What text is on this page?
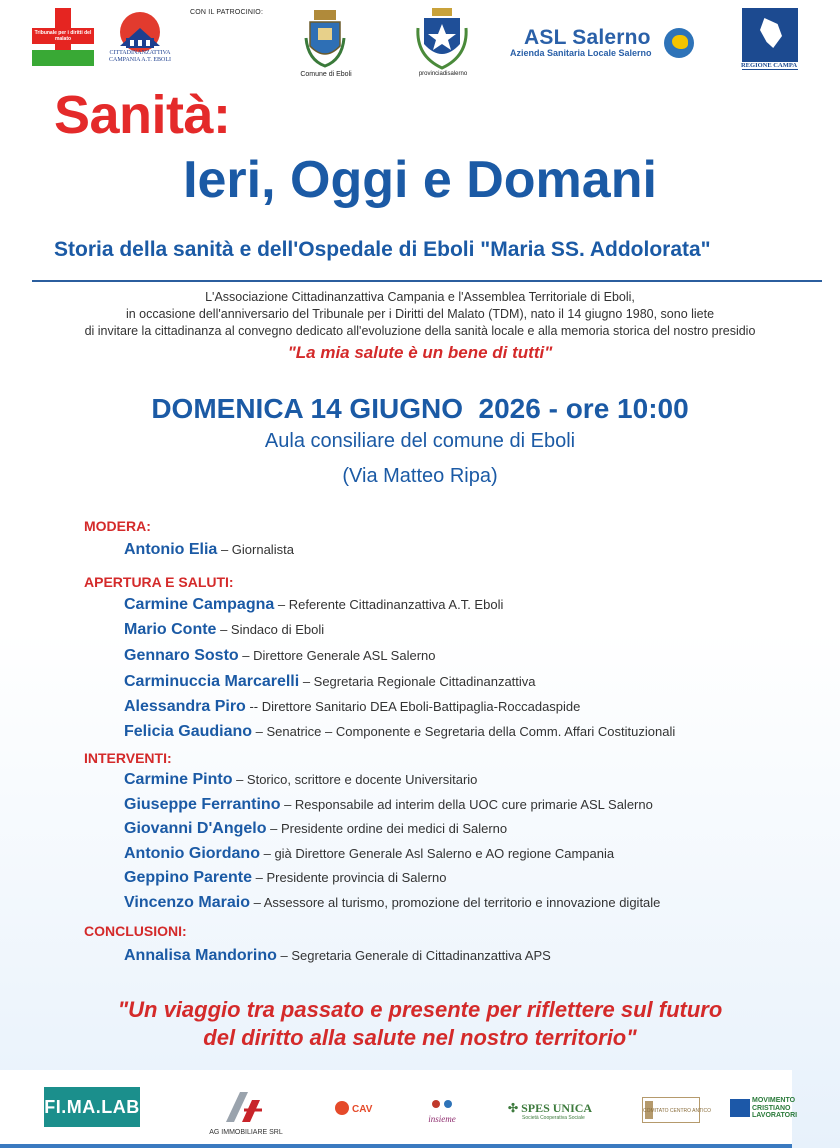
Tribunale per i diritti del malato
CITTADINANZATTIVA CAMPANIA A.T. EBOLI
CON IL PATROCINIO:
Comune di Eboli	provinciadisalerno
ASL Salerno
Azienda Sanitaria Locale Salerno
REGIONE CAMPA
Sanità:
Ieri, Oggi e Domani
Storia della sanità e dell'Ospedale di Eboli "Maria SS. Addolorata"
L'Associazione Cittadinanzattiva Campania e l'Assemblea Territoriale di Eboli,
in occasione dell'anniversario del Tribunale per i Diritti del Malato (TDM), nato il 14 giugno 1980, sono liete
di invitare la cittadinanza al convegno dedicato all'evoluzione della sanità locale e alla memoria storica del nostro presidio
"La mia salute è un bene di tutti"
DOMENICA 14 GIUGNO  2026 - ore 10:00
Aula consiliare del comune di Eboli
(Via Matteo Ripa)
MODERA:
Antonio Elia – Giornalista
APERTURA E SALUTI:
Carmine Campagna – Referente Cittadinanzattiva A.T. Eboli
Mario Conte – Sindaco di Eboli
Gennaro Sosto – Direttore Generale ASL Salerno
Carminuccia Marcarelli – Segretaria Regionale Cittadinanzattiva
Alessandra Piro -- Direttore Sanitario DEA Eboli-Battipaglia-Roccadaspide
Felicia Gaudiano – Senatrice – Componente e Segretaria della Comm. Affari Costituzionali
INTERVENTI:
Carmine Pinto – Storico, scrittore e docente Universitario
Giuseppe Ferrantino – Responsabile ad interim della UOC cure primarie ASL Salerno
Giovanni D'Angelo – Presidente ordine dei medici di Salerno
Antonio Giordano – già Direttore Generale Asl Salerno e AO regione Campania
Geppino Parente – Presidente provincia di Salerno
Vincenzo Maraio – Assessore al turismo, promozione del territorio e innovazione digitale
CONCLUSIONI:
Annalisa Mandorino – Segretaria Generale di Cittadinanzattiva APS
"Un viaggio tra passato e presente per riflettere sul futuro
del diritto alla salute nel nostro territorio"
FI.MA.LAB
AG IMMOBILIARE SRL
CAV
insieme
✣ SPES UNICA
Società Cooperativa Sociale
COMITATO CENTRO ANTICO
MOVIMENTO CRISTIANO LAVORATORI
